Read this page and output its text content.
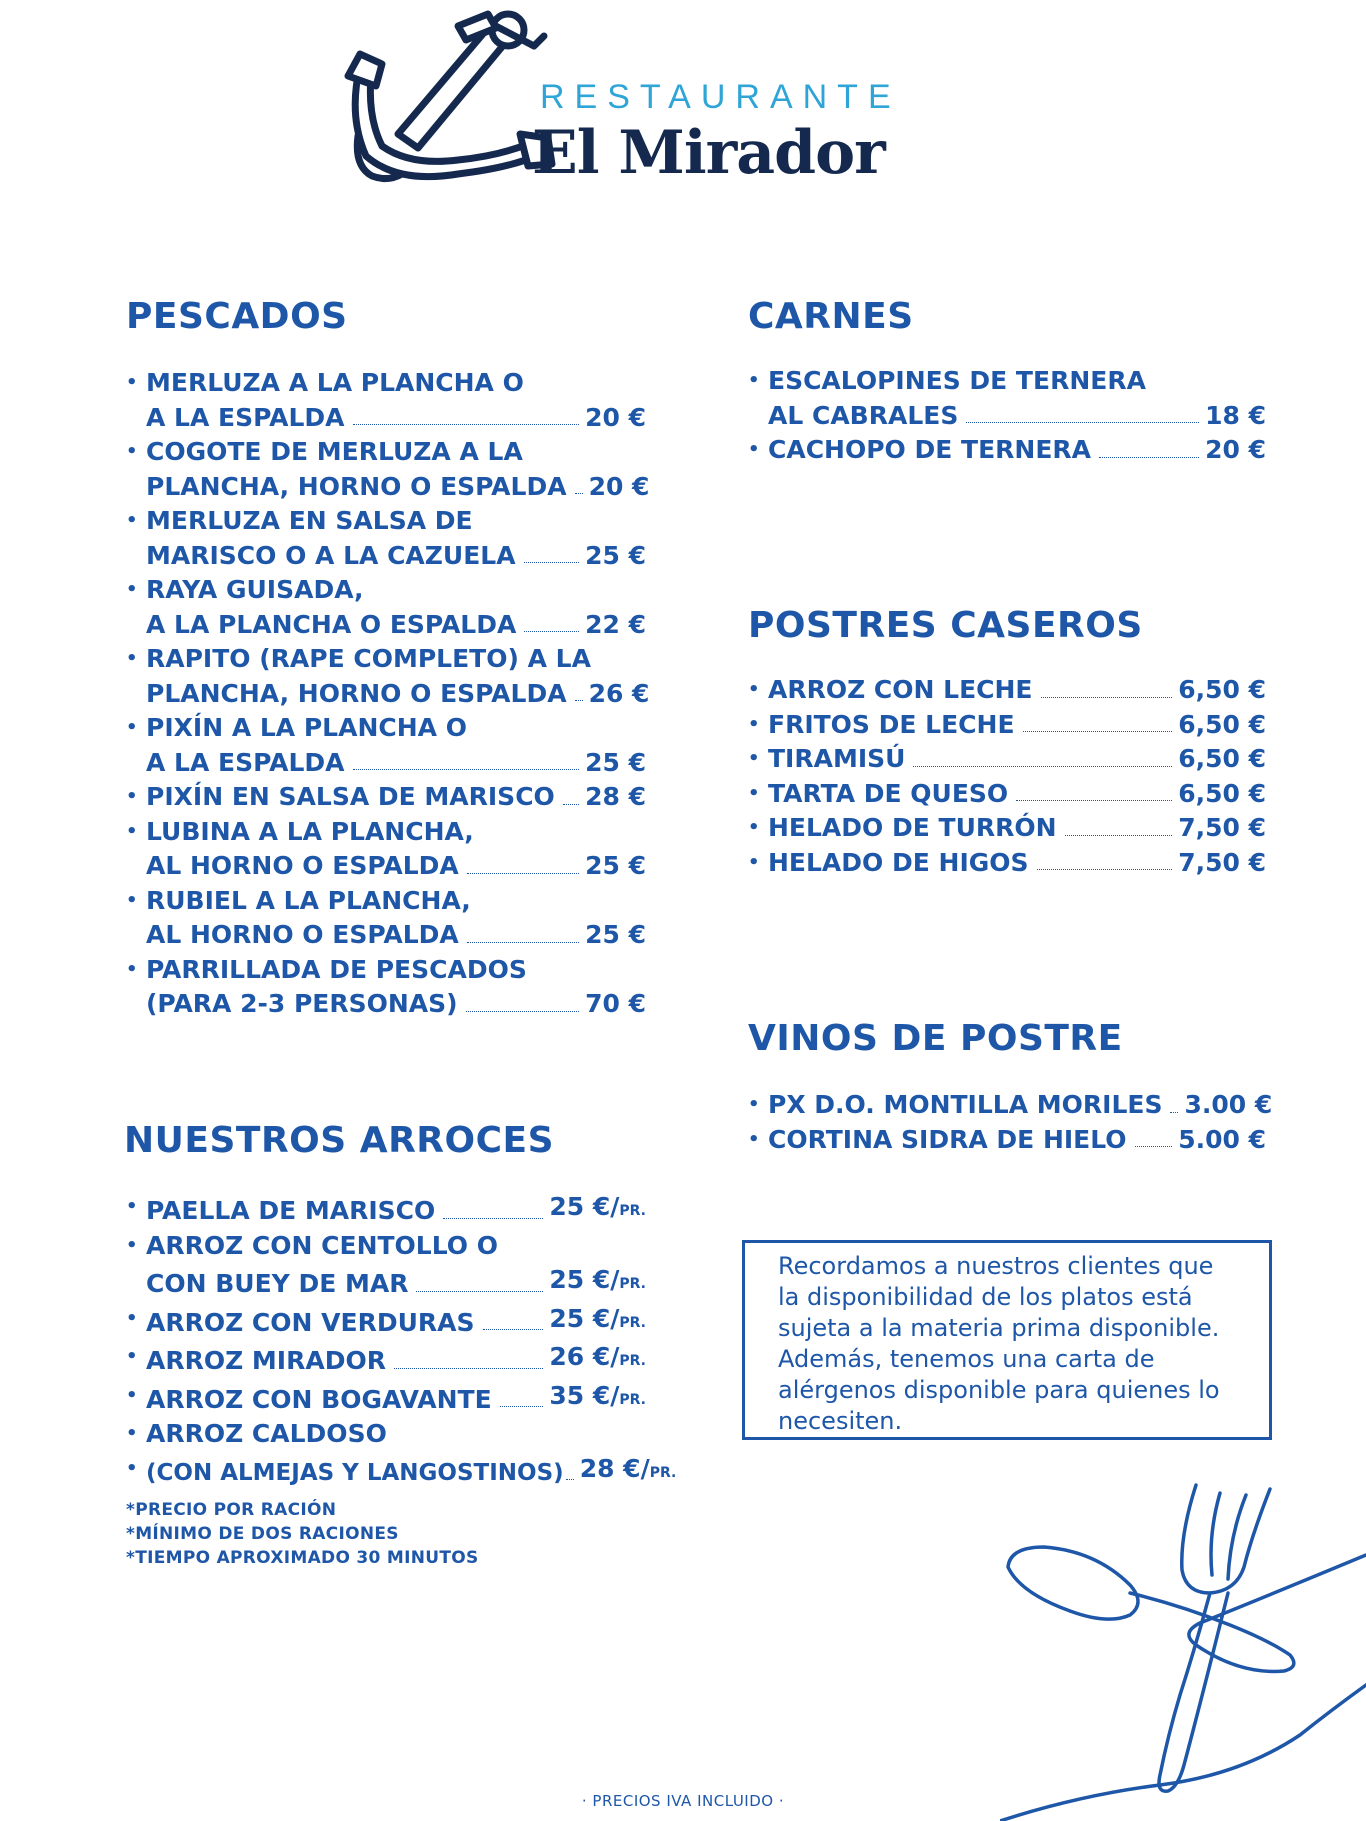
RESTAURANTE
El Mirador
PESCADOS
• MERLUZA A LA PLANCHA O
A LA ESPALDA	20 €
• COGOTE DE MERLUZA A LA
PLANCHA, HORNO O ESPALDA 20 €
• MERLUZA EN SALSA DE
MARISCO O A LA CAZUELA	25 €
• RAYA GUISADA,
A LA PLANCHA O ESPALDA	22 €
• RAPITO (RAPE COMPLETO) A LA
PLANCHA, HORNO O ESPALDA 26 €
• PIXÍN A LA PLANCHA O
A LA ESPALDA	25 €
• PIXÍN EN SALSA DE MARISCO 28 €
• LUBINA A LA PLANCHA,
AL HORNO O ESPALDA	25 €
• RUBIEL A LA PLANCHA,
AL HORNO O ESPALDA	25 €
• PARRILLADA DE PESCADOS
(PARA 2-3 PERSONAS)	70 €
NUESTROS ARROCES
• PAELLA DE MARISCO	25 €/PR.
• ARROZ CON CENTOLLO O
CON BUEY DE MAR	25 €/PR.
• ARROZ CON VERDURAS	25 €/PR.
• ARROZ MIRADOR	26 €/PR.
• ARROZ CON BOGAVANTE 35 €/PR.
• ARROZ CALDOSO
• (CON ALMEJAS Y LANGOSTINOS) 28 €/PR.
*PRECIO POR RACIÓN
*MÍNIMO DE DOS RACIONES
*TIEMPO APROXIMADO 30 MINUTOS
CARNES
• ESCALOPINES DE TERNERA
AL CABRALES	18 €
• CACHOPO DE TERNERA	20 €
POSTRES CASEROS
• ARROZ CON LECHE	6,50 €
• FRITOS DE LECHE	6,50 €
• TIRAMISÚ	6,50 €
• TARTA DE QUESO	6,50 €
• HELADO DE TURRÓN	7,50 €
• HELADO DE HIGOS	7,50 €
VINOS DE POSTRE
• PX D.O. MONTILLA MORILES 3.00 €
• CORTINA SIDRA DE HIELO 5.00 €
Recordamos a nuestros clientes que la disponibilidad de los platos está sujeta a la materia prima disponible. Además, tenemos una carta de alérgenos disponible para quienes lo necesiten.
· PRECIOS IVA INCLUIDO ·
